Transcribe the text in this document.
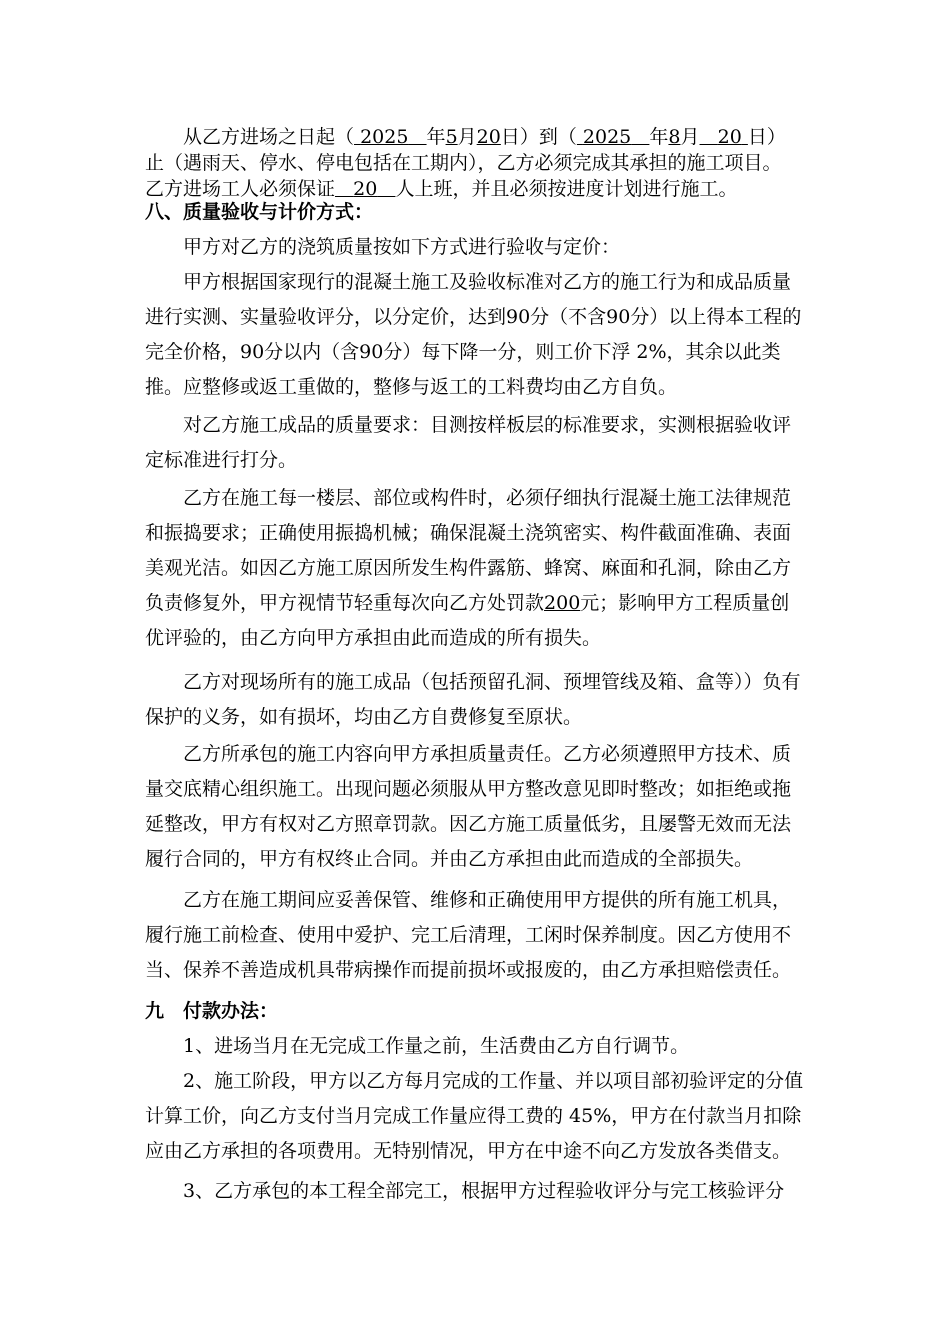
从乙方进场之日起（ 2025 年5月20日）到（ 2025 年8月 20 日）

止（遇雨天、停水、停电包括在工期内），乙方必须完成其承担的施工项目。

乙方进场工人必须保证 20 人上班，并且必须按进度计划进行施工。

八、质量验收与计价方式：

甲方对乙方的浇筑质量按如下方式进行验收与定价：

甲方根据国家现行的混凝土施工及验收标准对乙方的施工行为和成品质量进行实测、实量验收评分，以分定价，达到90分（不含90分）以上得本工程的完全价格，90分以内（含90分）每下降一分，则工价下浮 2%，其余以此类推。应整修或返工重做的，整修与返工的工料费均由乙方自负。

对乙方施工成品的质量要求：目测按样板层的标准要求，实测根据验收评定标准进行打分。

乙方在施工每一楼层、部位或构件时，必须仔细执行混凝土施工法律规范和振捣要求；正确使用振捣机械；确保混凝土浇筑密实、构件截面准确、表面美观光洁。如因乙方施工原因所发生构件露筋、蜂窝、麻面和孔洞，除由乙方负责修复外，甲方视情节轻重每次向乙方处罚款200元；影响甲方工程质量创优评验的，由乙方向甲方承担由此而造成的所有损失。

乙方对现场所有的施工成品（包括预留孔洞、预埋管线及箱、盒等））负有保护的义务，如有损坏，均由乙方自费修复至原状。

乙方所承包的施工内容向甲方承担质量责任。乙方必须遵照甲方技术、质量交底精心组织施工。出现问题必须服从甲方整改意见即时整改；如拒绝或拖延整改，甲方有权对乙方照章罚款。因乙方施工质量低劣，且屡警无效而无法履行合同的，甲方有权终止合同。并由乙方承担由此而造成的全部损失。

乙方在施工期间应妥善保管、维修和正确使用甲方提供的所有施工机具，履行施工前检查、使用中爱护、完工后清理，工闲时保养制度。因乙方使用不当、保养不善造成机具带病操作而提前损坏或报废的，由乙方承担赔偿责任。

九　付款办法：

1、进场当月在无完成工作量之前，生活费由乙方自行调节。

2、施工阶段，甲方以乙方每月完成的工作量、并以项目部初验评定的分值计算工价，向乙方支付当月完成工作量应得工费的 45%，甲方在付款当月扣除应由乙方承担的各项费用。无特别情况，甲方在中途不向乙方发放各类借支。

3、乙方承包的本工程全部完工，根据甲方过程验收评分与完工核验评分
